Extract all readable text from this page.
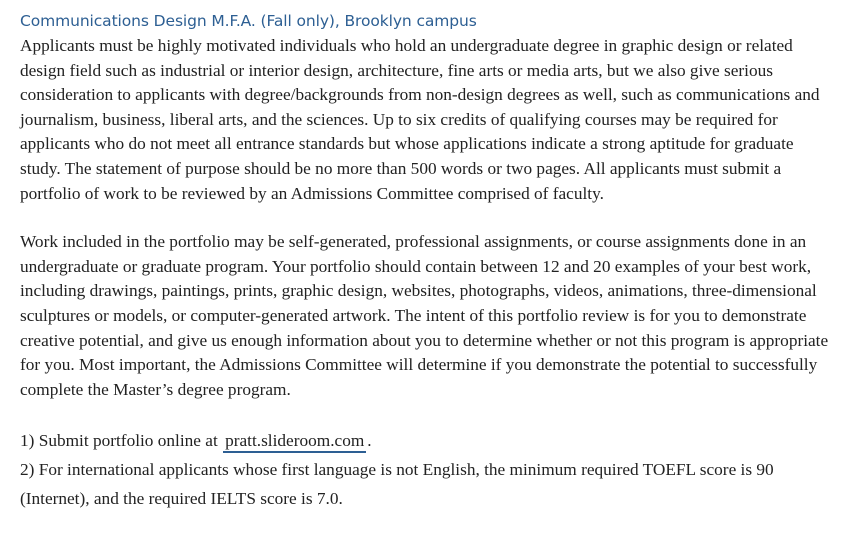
Communications Design M.F.A. (Fall only), Brooklyn campus

Applicants must be highly motivated individuals who hold an undergraduate degree in graphic design or related design field such as industrial or interior design, architecture, fine arts or media arts, but we also give serious consideration to applicants with degree/backgrounds from non-design degrees as well, such as communications and journalism, business, liberal arts, and the sciences. Up to six credits of qualifying courses may be required for applicants who do not meet all entrance standards but whose applications indicate a strong aptitude for graduate study. The statement of purpose should be no more than 500 words or two pages. All applicants must submit a portfolio of work to be reviewed by an Admissions Committee comprised of faculty.

Work included in the portfolio may be self-generated, professional assignments, or course assignments done in an undergraduate or graduate program. Your portfolio should contain between 12 and 20 examples of your best work, including drawings, paintings, prints, graphic design, websites, photographs, videos, animations, three-dimensional sculptures or models, or computer-generated artwork. The intent of this portfolio review is for you to demonstrate creative potential, and give us enough information about you to determine whether or not this program is appropriate for you. Most important, the Admissions Committee will determine if you demonstrate the potential to successfully complete the Master’s degree program.

1) Submit portfolio online at pratt.slideroom.com .

2) For international applicants whose first language is not English, the minimum required TOEFL score is 90 (Internet), and the required IELTS score is 7.0.
